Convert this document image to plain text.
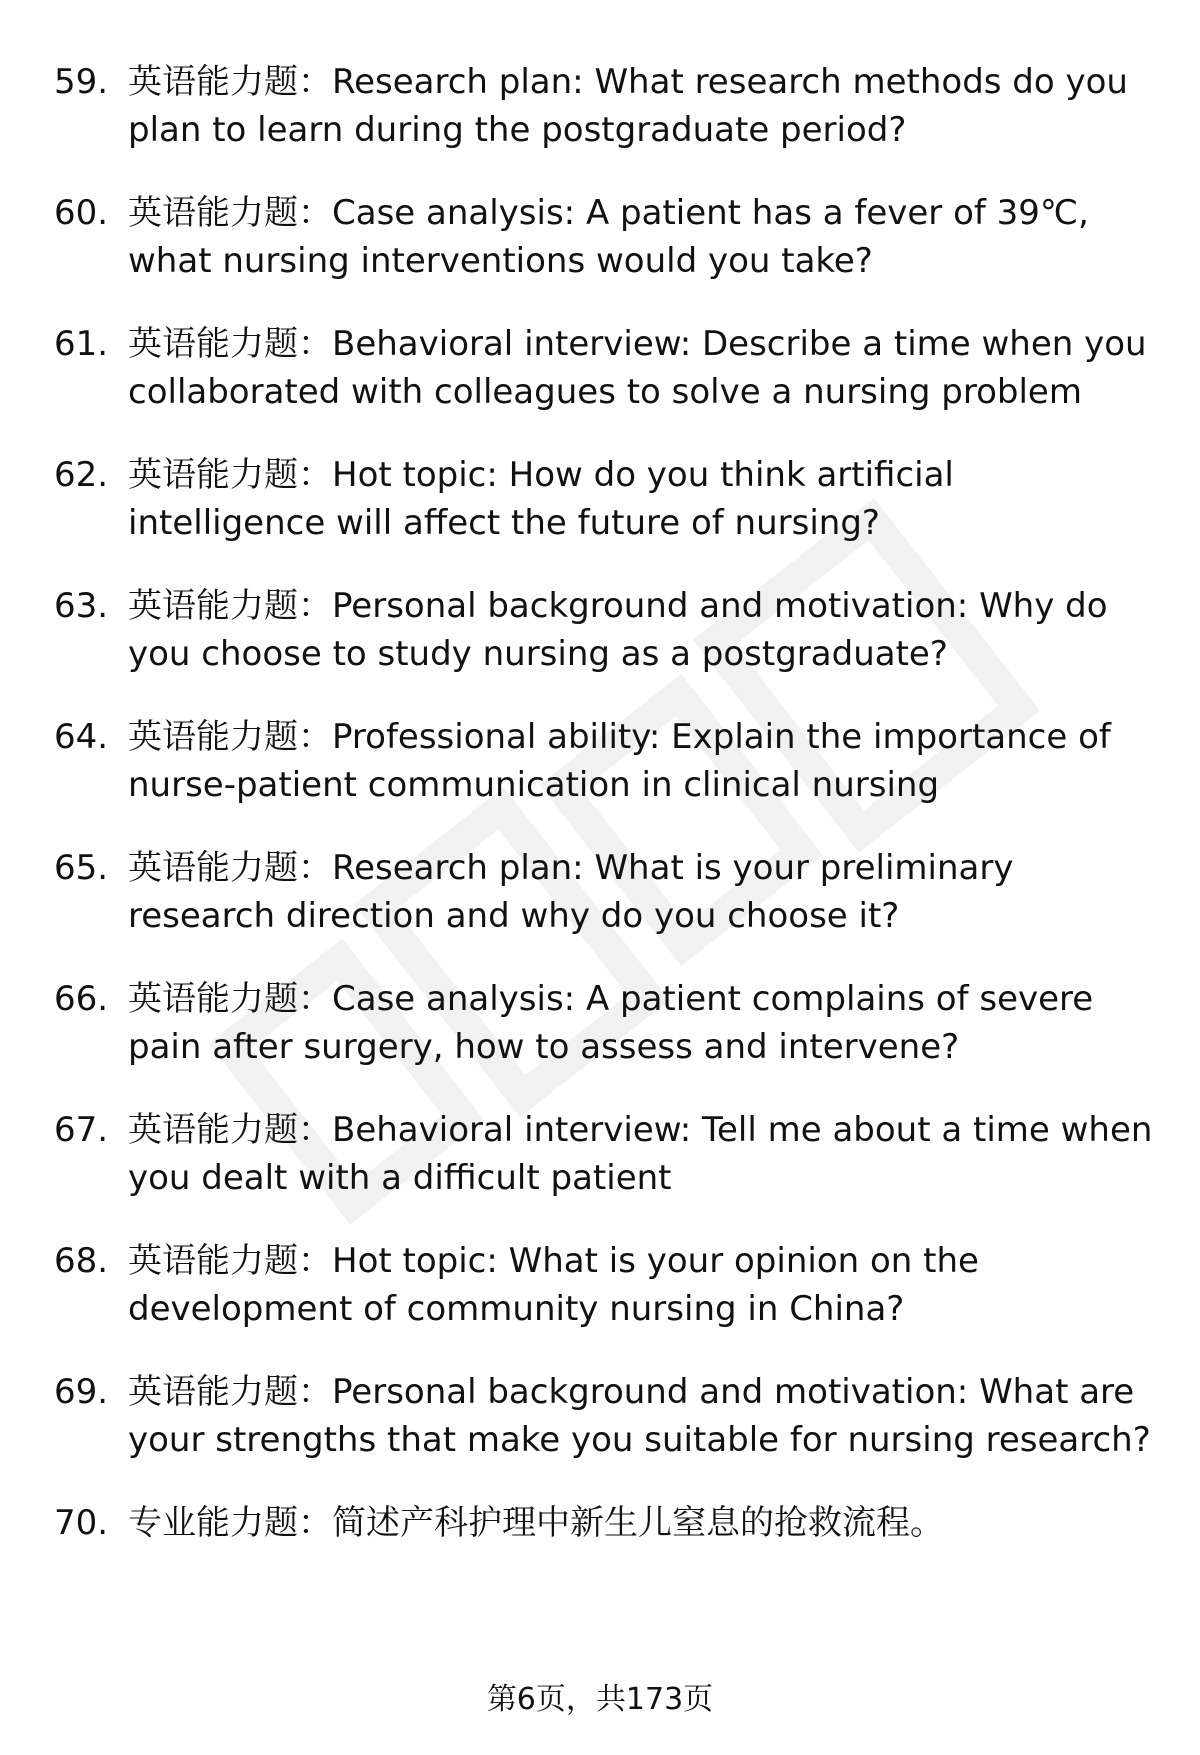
59. 英语能力题：Research plan: What research methods do you plan to learn during the postgraduate period?
60. 英语能力题：Case analysis: A patient has a fever of 39℃, what nursing interventions would you take?
61. 英语能力题：Behavioral interview: Describe a time when you collaborated with colleagues to solve a nursing problem
62. 英语能力题：Hot topic: How do you think artificial intelligence will affect the future of nursing?
63. 英语能力题：Personal background and motivation: Why do you choose to study nursing as a postgraduate?
64. 英语能力题：Professional ability: Explain the importance of nurse-patient communication in clinical nursing
65. 英语能力题：Research plan: What is your preliminary research direction and why do you choose it?
66. 英语能力题：Case analysis: A patient complains of severe pain after surgery, how to assess and intervene?
67. 英语能力题：Behavioral interview: Tell me about a time when you dealt with a difficult patient
68. 英语能力题：Hot topic: What is your opinion on the development of community nursing in China?
69. 英语能力题：Personal background and motivation: What are your strengths that make you suitable for nursing research?
70. 专业能力题：简述产科护理中新生儿窒息的抢救流程。
第6页，共173页
